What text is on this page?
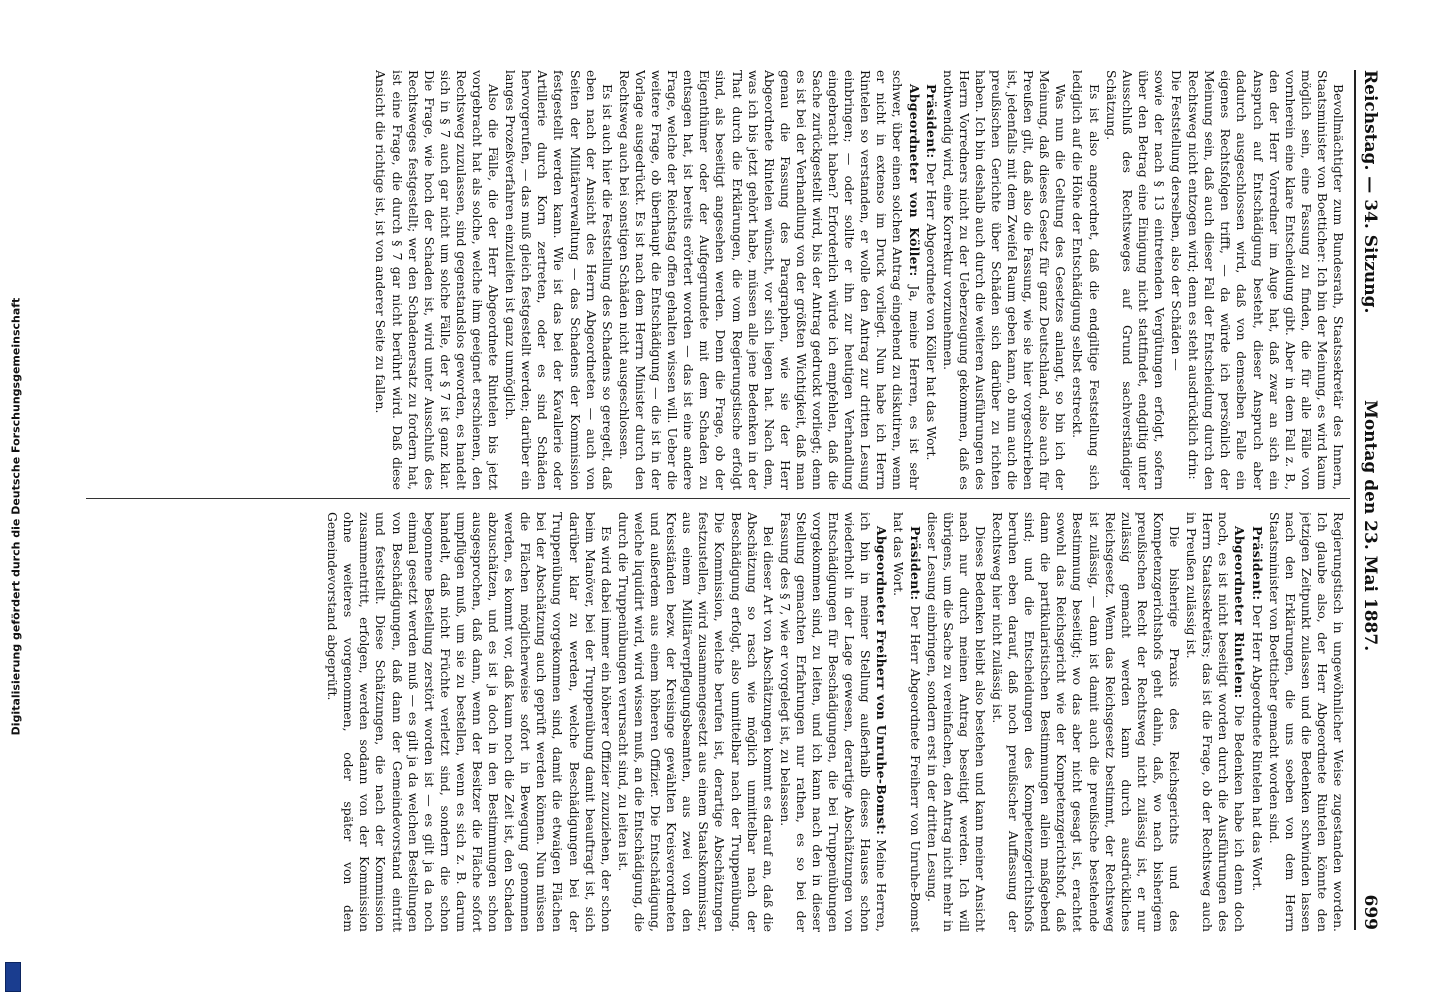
Digitalisierung gefördert durch die Deutsche Forschungsgemeinschaft
Reichstag. — 34. Sitzung.
Montag den 23. Mai 1887.
699

Bevollmächtigter zum Bundesrath, Staatssekretär des Innern, Staatsminister von Boetticher: Ich bin der Meinung, es wird kaum möglich sein, eine Fassung zu finden, die für alle Fälle von vornherein eine klare Entscheidung gibt. Aber in dem Fall z. B., den der Herr Vorredner im Auge hat, daß zwar an sich ein Anspruch auf Entschädigung besteht, dieser Anspruch aber dadurch ausgeschlossen wird, daß von demselben Falle ein eigenes Rechtsfolgen trifft, — da würde ich persönlich der Meinung sein, daß auch dieser Fall der Entscheidung durch den Rechtsweg nicht entzogen wird; denn es steht ausdrücklich drin:

Die Feststellung derselben, also der Schäden —

sowie der nach § 13 eintretenden Vergütungen erfolgt, sofern über den Betrag eine Einigung nicht stattfindet, endgiltig unter Ausschluß des Rechtsweges auf Grund sachverständiger Schätzung.

Es ist also angeordnet, daß die endgiltige Feststellung sich lediglich auf die Höhe der Entschädigung selbst erstreckt.

Was nun die Geltung des Gesetzes anlangt, so bin ich der Meinung, daß dieses Gesetz für ganz Deutschland, also auch für Preußen gilt, daß also die Fassung, wie sie hier vorgeschrieben ist, jedenfalls mit dem Zweifel Raum geben kann, ob nun auch die preußischen Gerichte über Schäden sich darüber zu richten haben. Ich bin deshalb auch durch die weiteren Ausführungen des Herrn Vorredners nicht zu der Ueberzeugung gekommen, daß es nothwendig wird, eine Korrektur vorzunehmen.

Präsident: Der Herr Abgeordnete von Köller hat das Wort.

Abgeordneter von Köller: Ja, meine Herren, es ist sehr schwer, über einen solchen Antrag eingehend zu diskutiren, wenn er nicht in extenso im Druck vorliegt. Nun habe ich Herrn Rintelen so verstanden, er wolle den Antrag zur dritten Lesung einbringen; — oder sollte er ihn zur heutigen Verhandlung eingebracht haben? Erforderlich würde ich empfehlen, daß die Sache zurückgestellt wird, bis der Antrag gedruckt vorliegt; denn es ist bei der Verhandlung von der größten Wichtigkeit, daß man genau die Fassung des Paragraphen, wie sie der Herr Abgeordnete Rintelen wünscht, vor sich liegen hat. Nach dem, was ich bis jetzt gehört habe, müssen alle jene Bedenken in der That durch die Erklärungen, die vom Regierungstische erfolgt sind, als beseitigt angesehen werden. Denn die Frage, ob der Eigenthümer oder der Aufgegrundete mit dem Schaden zu entsagen hat, ist bereits erörtert worden — das ist eine andere Frage, welche der Reichstag offen gehalten wissen will. Ueber die weitere Frage, ob überhaupt die Entschädigung — die ist in der Vorlage ausgedrückt. Es ist nach dem Herrn Minister durch den Rechtsweg auch bei sonstigen Schäden nicht ausgeschlossen.

Es ist auch hier die Feststellung des Schadens so geregelt, daß eben nach der Ansicht des Herrn Abgeordneten — auch von Seiten der Militärverwaltung — das Schadens der Kommission festgestellt werden kann. Wie ist das bei der Kavallerie oder Artillerie durch Korn zertreten, oder es sind Schäden hervorgerufen, — das muß gleich festgestellt werden; darüber ein langes Prozeßverfahren einzuleiten ist ganz unmöglich.

Also die Fälle, die der Herr Abgeordnete Rintelen bis jetzt vorgebracht hat als solche, welche ihm geeignet erschienen, den Rechtsweg zuzulassen, sind gegenstandslos geworden, es handelt sich in § 7 auch gar nicht um solche Fälle, der § 7 ist ganz klar. Die Frage, wie hoch der Schaden ist, wird unter Ausschluß des Rechtsweges festgestellt; wer den Schadenersatz zu fordern hat, ist eine Frage, die durch § 7 gar nicht berührt wird. Daß diese Ansicht die richtige ist, ist von anderer Seite zu fallen.

Regierungstisch in ungewöhnlicher Weise zugestanden worden. Ich glaube also, der Herr Abgeordnete Rintelen könnte den jetzigen Zeitpunkt zulassen und die Bedenken schwinden lassen nach den Erklärungen, die uns soeben von dem Herrn Staatsminister von Boetticher gemacht worden sind.

Präsident: Der Herr Abgeordnete Rintelen hat das Wort.

Abgeordneter Rintelen: Die Bedenken habe ich denn doch noch, es ist nicht beseitigt worden durch die Ausführungen des Herrn Staatssekretärs; das ist die Frage, ob der Rechtsweg auch in Preußen zulässig ist.

Die bisherige Praxis des Reichsgerichts und des Kompetenzgerichtshofs geht dahin, daß, wo nach bisherigem preußischen Recht der Rechtsweg nicht zulässig ist, er nur zulässig gemacht werden kann durch ausdrückliches Reichsgesetz. Wenn das Reichsgesetz bestimmt, der Rechtsweg ist zulässig, — dann ist damit auch die preußische bestehende Bestimmung beseitigt; wo das aber nicht gesagt ist, erachtet sowohl das Reichsgericht wie der Kompetenzgerichtshof, daß dann die partikularistischen Bestimmungen allein maßgebend sind; und die Entscheidungen des Kompetenzgerichtshofs beruhen eben darauf, daß noch preußischer Auffassung der Rechtsweg hier nicht zulässig ist.

Dieses Bedenken bleibt also bestehen und kann meiner Ansicht nach nur durch meinen Antrag beseitigt werden. Ich will übrigens, um die Sache zu vereinfachen, den Antrag nicht mehr in dieser Lesung einbringen, sondern erst in der dritten Lesung.

Präsident: Der Herr Abgeordnete Freiherr von Unruhe-Bomst hat das Wort.

Abgeordneter Freiherr von Unruhe-Bomst: Meine Herren, ich bin in meiner Stellung außerhalb dieses Hauses schon wiederholt in der Lage gewesen, derartige Abschätzungen von Entschädigungen für Beschädigungen, die bei Truppenübungen vorgekommen sind, zu leiten, und ich kann nach den in dieser Stellung gemachten Erfahrungen nur rathen, es so bei der Fassung des § 7, wie er vorgelegt ist, zu belassen.

Bei dieser Art von Abschätzungen kommt es darauf an, daß die Abschätzung so rasch wie möglich unmittelbar nach der Beschädigung erfolgt, also unmittelbar nach der Truppenübung. Die Kommission, welche berufen ist, derartige Abschätzungen festzustellen, wird zusammengesetzt aus einem Staatskommissar, aus einem Militärverpflegungsbeamten, aus zwei von den Kreisständen bezw. der Kreisinge gewählten Kreisverordneten und außerdem aus einem höheren Offizier. Die Entschädigung, welche liquidirt wird, wird wissen muß, an die Entschädigung, die durch die Truppenübungen verursacht sind, zu leiten ist.

Es wird dabei immer ein höherer Offizier zuzuziehen, der schon beim Manöver, bei der Truppenübung damit beauftragt ist, sich darüber klar zu werden, welche Beschädigungen bei der Truppenübung vorgekommen sind, damit die etwaigen Flächen bei der Abschätzung auch geprüft werden können. Nun müssen die Flächen möglicherweise sofort in Bewegung genommen werden, es kommt vor, daß kaum noch die Zeit ist, den Schaden abzuschätzen, und es ist ja doch in den Bestimmungen schon ausgesprochen, daß dann, wenn der Besitzer die Fläche sofort umpflügen muß, um sie zu bestellen, wenn es sich z. B. darum handelt, daß nicht Früchte verletzt sind, sondern die schon begonnene Bestellung zerstört worden ist — es gilt ja da noch einmal gesetzt werden muß — es gilt ja da welchen Bestellungen von Beschädigungen, daß dann der Gemeindevorstand eintritt und feststellt. Diese Schätzungen, die nach der Kommission zusammentritt, erfolgen, werden sodann von der Kommission ohne weiteres vorgenommen, oder später von dem Gemeindevorstand abgeprüft.
